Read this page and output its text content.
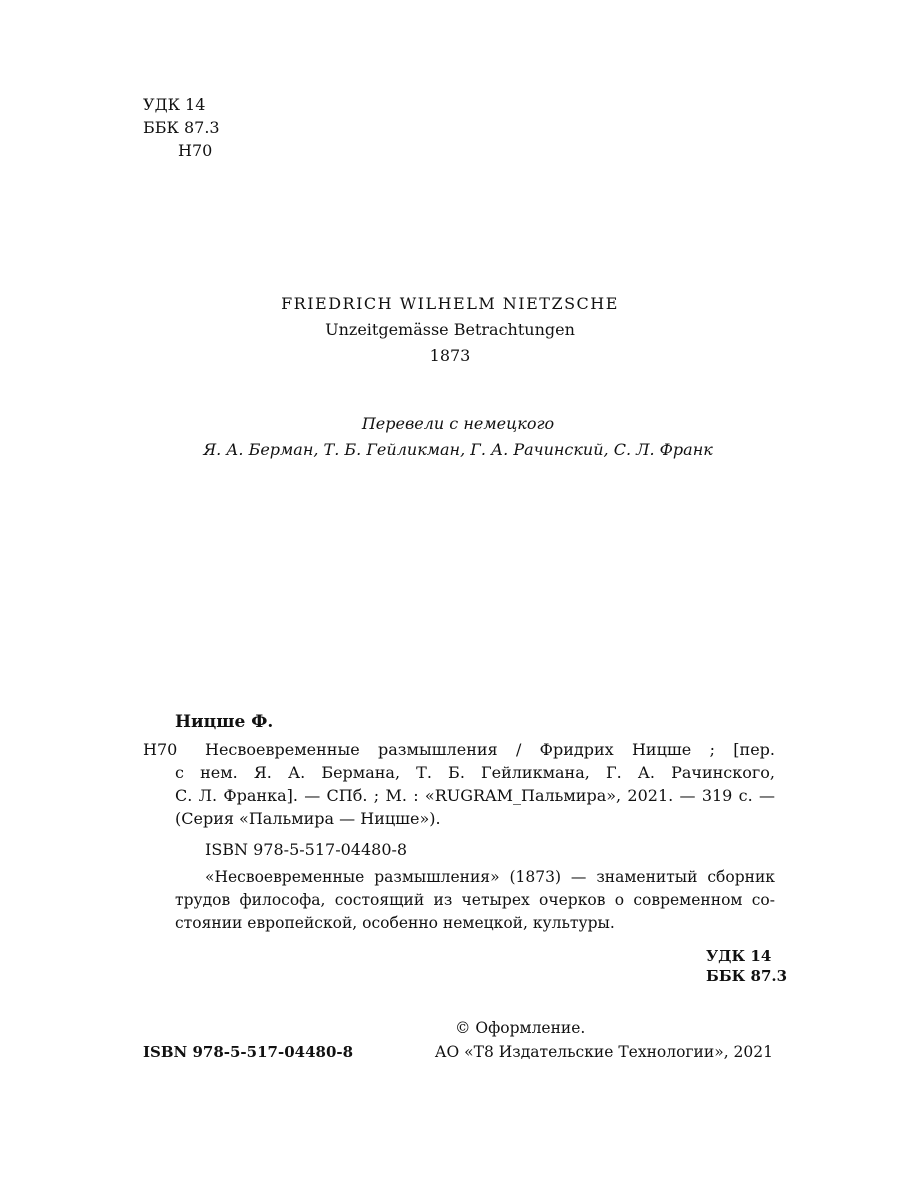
УДК 14
ББК 87.3
Н70
FRIEDRICH WILHELM NIETZSCHE
Unzeitgemässe Betrachtungen
1873
Перевели с немецкого
Я. А. Берман, Т. Б. Гейликман, Г. А. Рачинский, С. Л. Франк
Ницше Ф.
Н70	Несвоевременные размышления / Фридрих Ницше ; [пер.
с нем. Я. А. Бермана, Т. Б. Гейликмана, Г. А. Рачинского,
С. Л. Франка]. — СПб. ; М. : «RUGRAM_Пальмира», 2021. — 319 с. —
(Серия «Пальмира — Ницше»).
ISBN 978-5-517-04480-8
«Несвоевременные размышления» (1873) — знаменитый сборник
трудов философа, состоящий из четырех очерков о современном со-
стоянии европейской, особенно немецкой, культуры.
УДК 14
ББК 87.3
ISBN 978-5-517-04480-8
© Оформление.
АО «Т8 Издательские Технологии», 2021
